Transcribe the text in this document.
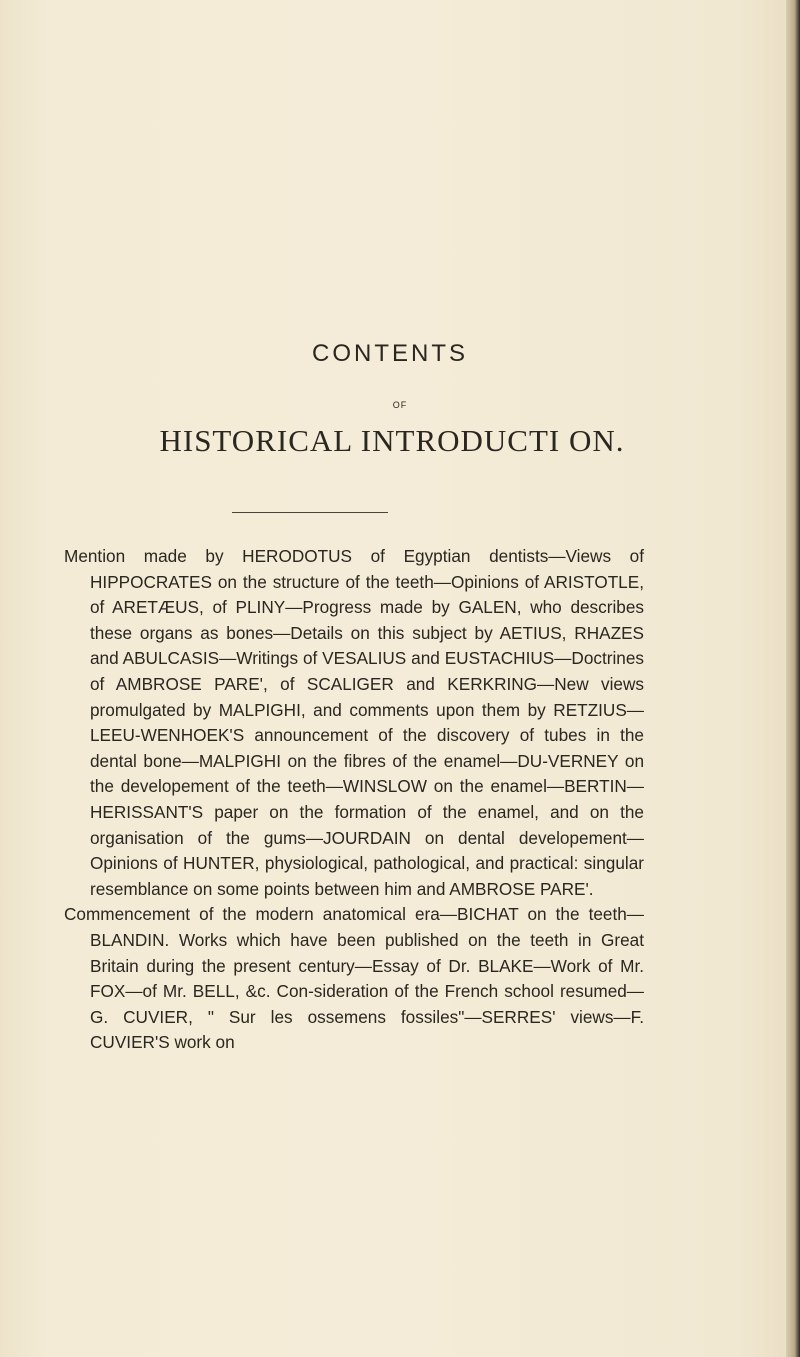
CONTENTS
OF
HISTORICAL INTRODUCTI ON.

Mention made by HERODOTUS of Egyptian dentists—Views of HIPPOCRATES on the structure of the teeth—Opinions of ARISTOTLE, of ARETÆUS, of PLINY—Progress made by GALEN, who describes these organs as bones—Details on this subject by AETIUS, RHAZES and ABULCASIS—Writings of VESALIUS and EUSTACHIUS—Doctrines of AMBROSE PARE', of SCALIGER and KERKRING—New views promulgated by MALPIGHI, and comments upon them by RETZIUS—LEEU-WENHOEK'S announcement of the discovery of tubes in the dental bone—MALPIGHI on the fibres of the enamel—DU-VERNEY on the developement of the teeth—WINSLOW on the enamel—BERTIN—HERISSANT'S paper on the formation of the enamel, and on the organisation of the gums—JOURDAIN on dental developement—Opinions of HUNTER, physiological, pathological, and practical: singular resemblance on some points between him and AMBROSE PARE'.

Commencement of the modern anatomical era—BICHAT on the teeth—BLANDIN. Works which have been published on the teeth in Great Britain during the present century—Essay of Dr. BLAKE—Work of Mr. FOX—of Mr. BELL, &c. Con-sideration of the French school resumed—G. CUVIER, " Sur les ossemens fossiles"—SERRES' views—F. CUVIER'S work on
